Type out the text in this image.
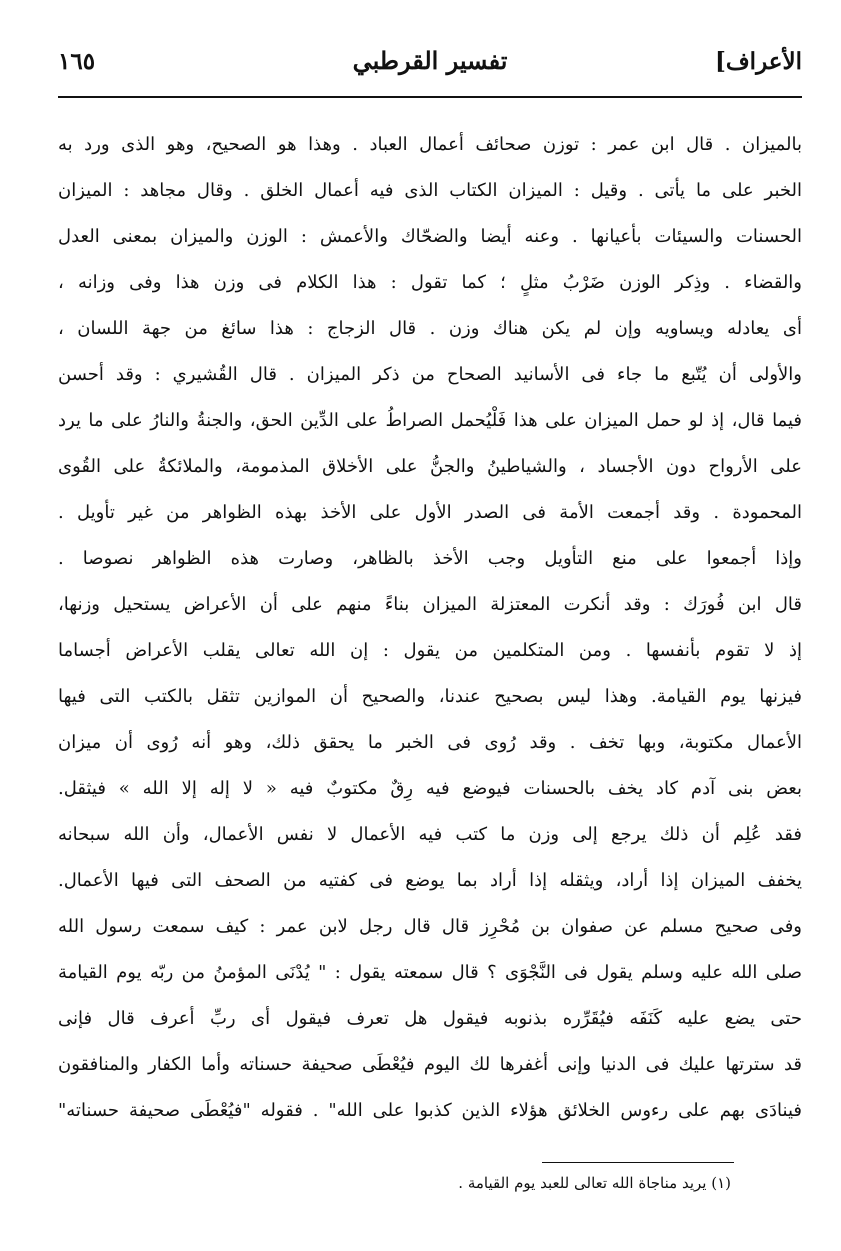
الأعراف]
تفسير القرطبي
١٦٥
بالميزان . قال ابن عمر : توزن صحائف أعمال العباد . وهذا هو الصحيح، وهو الذى ورد به
الخبر على ما يأتى . وقيل : الميزان الكتاب الذى فيه أعمال الخلق . وقال مجاهد : الميزان
الحسنات والسيئات بأعيانها . وعنه أيضا والضحّاك والأعمش : الوزن والميزان بمعنى العدل
والقضاء . وذِكر الوزن ضَرْبُ مثلٍ ؛ كما تقول : هذا الكلام فى وزن هذا وفى وزانه ،
أى يعادله ويساويه وإن لم يكن هناك وزن . قال الزجاج : هذا سائغ من جهة اللسان ،
والأولى أن يُتّبع ما جاء فى الأسانيد الصحاح من ذكر الميزان . قال القُشيري : وقد أحسن
فيما قال، إذ لو حمل الميزان على هذا فَلْيُحمل الصراطُ على الدِّين الحق، والجنةُ والنارُ على ما يرد
على الأرواح دون الأجساد ، والشياطينُ والجنُّ على الأخلاق المذمومة، والملائكةُ على القُوى
المحمودة . وقد أجمعت الأمة فى الصدر الأول على الأخذ بهذه الظواهر من غير تأويل .
وإذا أجمعوا على منع التأويل وجب الأخذ بالظاهر، وصارت هذه الظواهر نصوصا .
قال ابن فُورَك : وقد أنكرت المعتزلة الميزان بناءً منهم على أن الأعراض يستحيل وزنها،
إذ لا تقوم بأنفسها . ومن المتكلمين من يقول : إن الله تعالى يقلب الأعراض أجساما
فيزنها يوم القيامة. وهذا ليس بصحيح عندنا، والصحيح أن الموازين تثقل بالكتب التى فيها
الأعمال مكتوبة، وبها تخف . وقد رُوى فى الخبر ما يحقق ذلك، وهو أنه رُوى أن ميزان
بعض بنى آدم كاد يخف بالحسنات فيوضع فيه رِقٌ مكتوبٌ فيه « لا إله إلا الله » فيثقل.
فقد عُلِم أن ذلك يرجع إلى وزن ما كتب فيه الأعمال لا نفس الأعمال، وأن الله سبحانه
يخفف الميزان إذا أراد، ويثقله إذا أراد بما يوضع فى كفتيه من الصحف التى فيها الأعمال.
وفى صحيح مسلم عن صفوان بن مُحْرِز قال قال رجل لابن عمر : كيف سمعت رسول الله
صلى الله عليه وسلم يقول فى النَّجْوَى ؟ قال سمعته يقول : " يُدْنَى المؤمنُ من ربّه يوم القيامة
حتى يضع عليه كَنَفَه فيُقَرِّره بذنوبه فيقول هل تعرف فيقول أى ربِّ أعرف قال فإنى
قد سترتها عليك فى الدنيا وإنى أغفرها لك اليوم فيُعْطَى صحيفة حسناته وأما الكفار والمنافقون
فينادَى بهم على رءوس الخلائق هؤلاء الذين كذبوا على الله" . فقوله "فيُعْطَى صحيفة حسناته"
(١) يريد مناجاة الله تعالى للعبد يوم القيامة .
